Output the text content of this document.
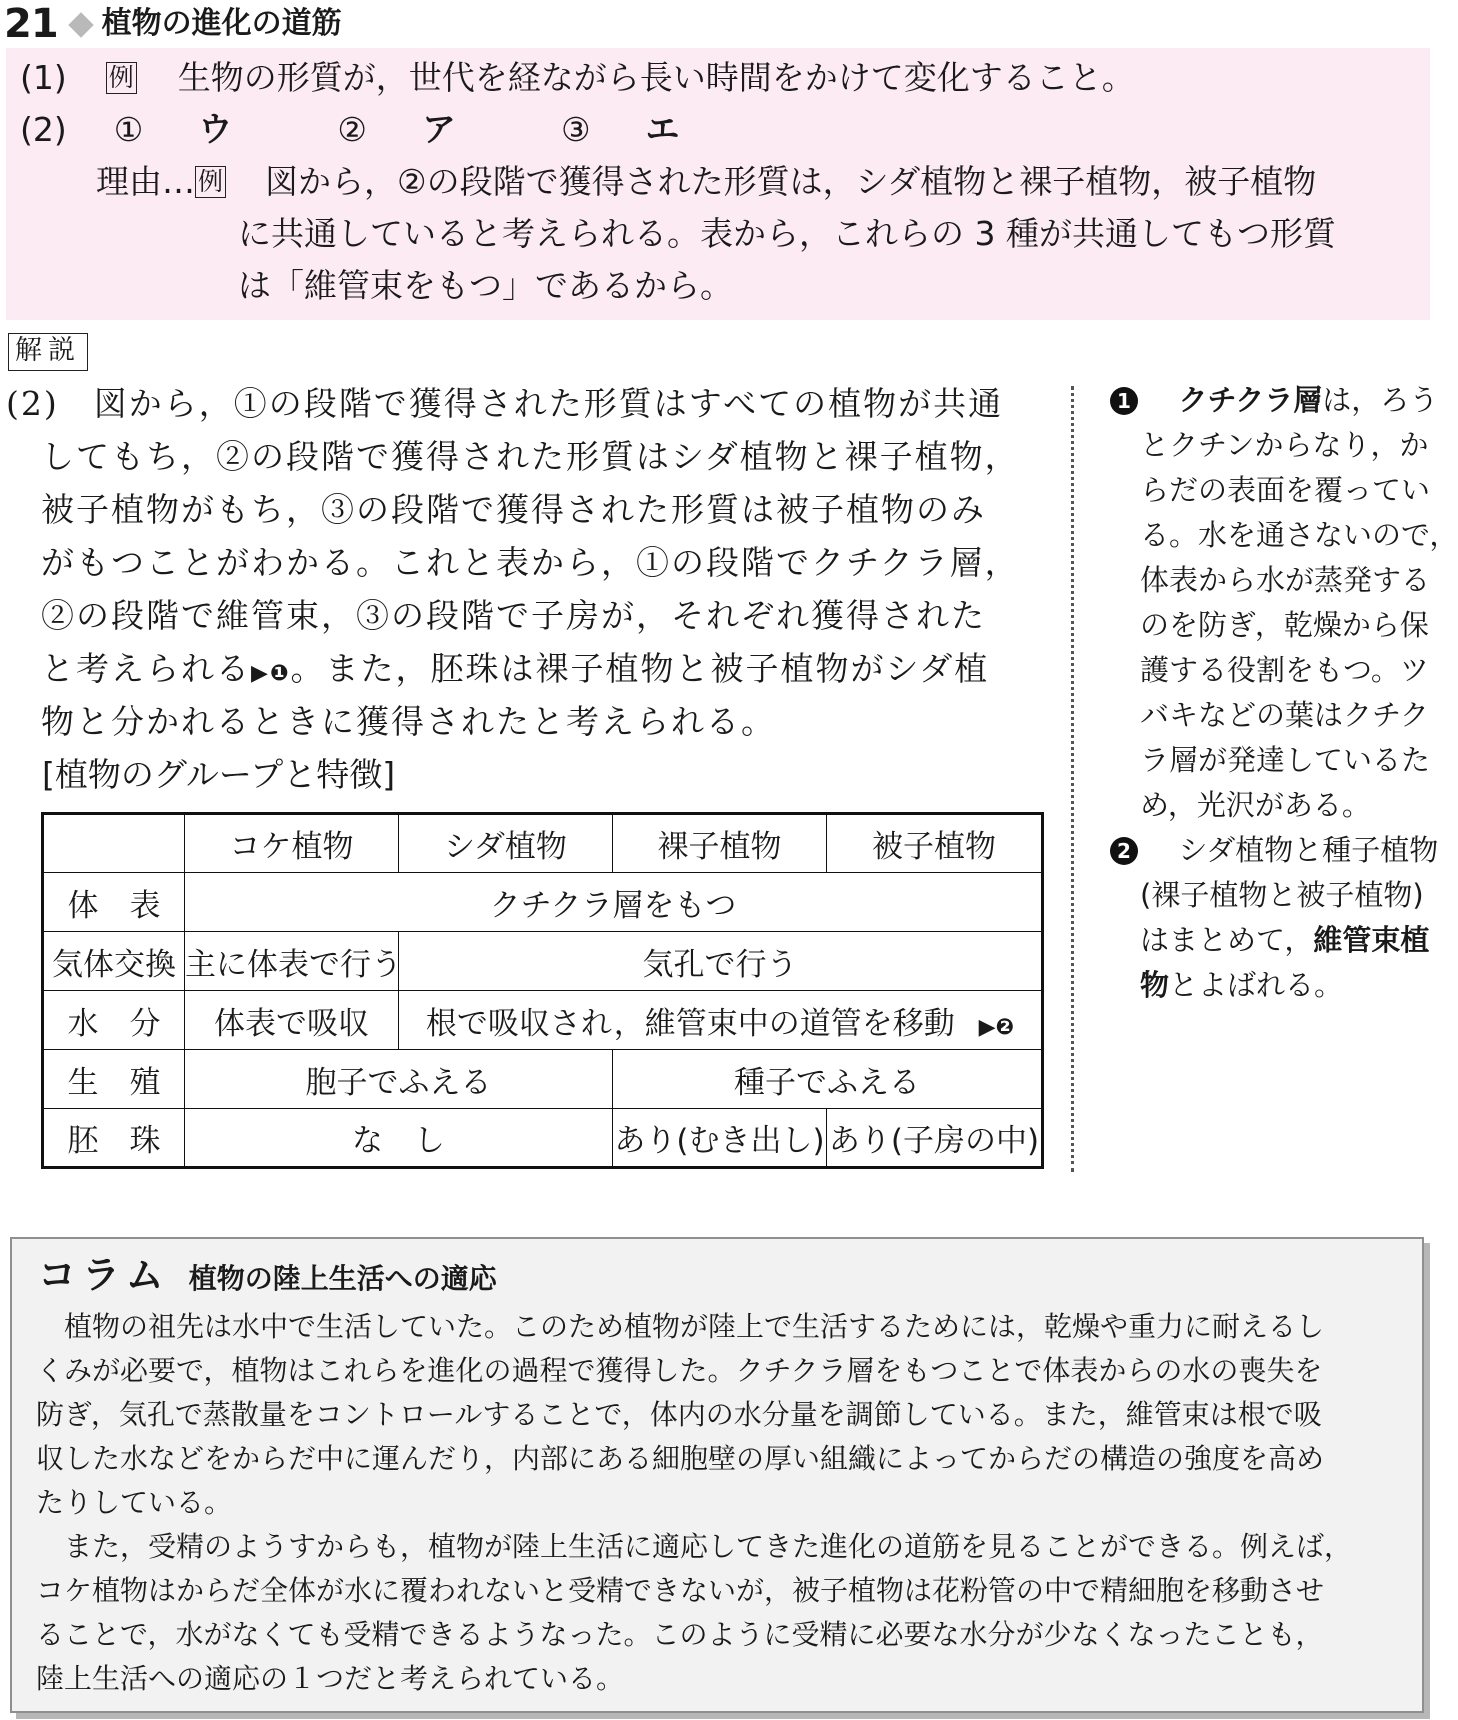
21 植物の進化の道筋
(1) 例 生物の形質が，世代を経ながら長い時間をかけて変化すること。
(2) ① ウ	② ア	③ エ
理由… 例 図から，②の段階で獲得された形質は，シダ植物と裸子植物，被子植物
に共通していると考えられる。表から，これらの 3 種が共通してもつ形質
は「維管束をもつ」であるから。
解説
(2)　図から，①の段階で獲得された形質はすべての植物が共通
　してもち，②の段階で獲得された形質はシダ植物と裸子植物，
　被子植物がもち，③の段階で獲得された形質は被子植物のみ
　がもつことがわかる。これと表から，①の段階でクチクラ層，
　②の段階で維管束，③の段階で子房が，それぞれ獲得された
　と考えられる▶❶。また，胚珠は裸子植物と被子植物がシダ植
　物と分かれるときに獲得されたと考えられる。
[植物のグループと特徴]
	コケ植物	シダ植物	裸子植物	被子植物
体　表	クチクラ層をもつ			
気体交換	主に体表で行う	気孔で行う		
水　分	体表で吸収	根で吸収され，維管束中の道管を移動 ▶❷		
生　殖	胞子でふえる		種子でふえる	
胚　珠	な　し		あり(むき出し)	あり(子房の中)
1 クチクラ層は，ろう
とクチンからなり，か
らだの表面を覆ってい
る。水を通さないので，
体表から水が蒸発する
のを防ぎ，乾燥から保
護する役割をもつ。ツ
バキなどの葉はクチク
ラ層が発達しているた
め，光沢がある。
2 シダ植物と種子植物
(裸子植物と被子植物)
はまとめて，維管束植
物とよばれる。
コラム 植物の陸上生活への適応
　植物の祖先は水中で生活していた。このため植物が陸上で生活するためには，乾燥や重力に耐えるし
くみが必要で，植物はこれらを進化の過程で獲得した。クチクラ層をもつことで体表からの水の喪失を
防ぎ，気孔で蒸散量をコントロールすることで，体内の水分量を調節している。また，維管束は根で吸
収した水などをからだ中に運んだり，内部にある細胞壁の厚い組織によってからだの構造の強度を高め
たりしている。
　また，受精のようすからも，植物が陸上生活に適応してきた進化の道筋を見ることができる。例えば，
コケ植物はからだ全体が水に覆われないと受精できないが，被子植物は花粉管の中で精細胞を移動させ
ることで，水がなくても受精できるようなった。このように受精に必要な水分が少なくなったことも，
陸上生活への適応の１つだと考えられている。
